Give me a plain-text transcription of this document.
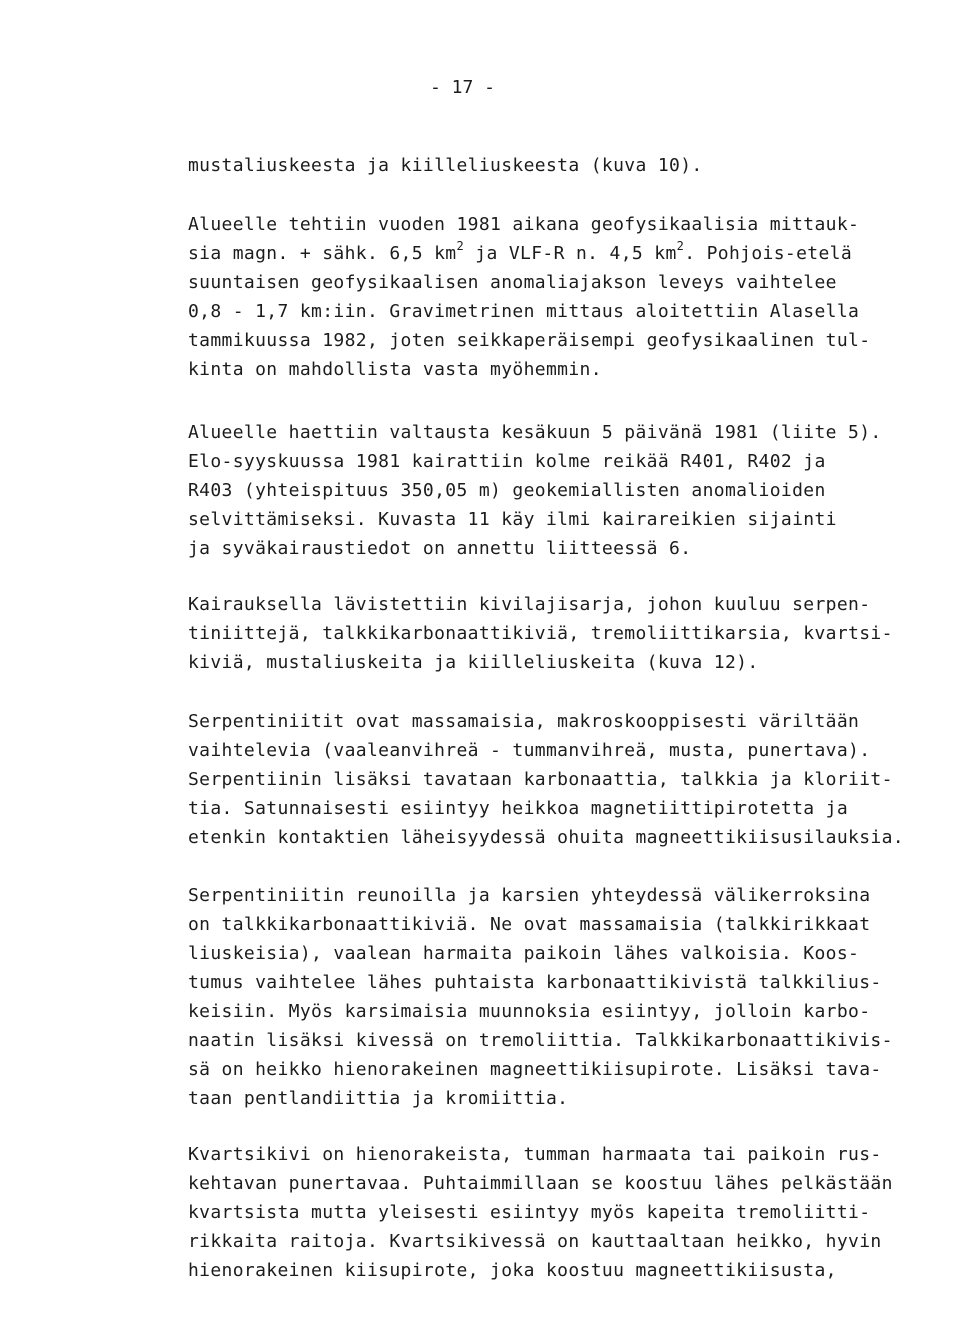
- 17 -
mustaliuskeesta ja kiilleliuskeesta (kuva 10).
Alueelle tehtiin vuoden 1981 aikana geofysikaalisia mittauk-
sia magn. + sähk. 6,5 $km^2$ ja VLF-R n. 4,5 $km^2$. Pohjois-etelä
suuntaisen geofysikaalisen anomaliajakson leveys vaihtelee
0,8 - 1,7 km:iin. Gravimetrinen mittaus aloitettiin Alasella
tammikuussa 1982, joten seikkaperäisempi geofysikaalinen tul-
kinta on mahdollista vasta myöhemmin.
Alueelle haettiin valtausta kesäkuun 5 päivänä 1981 (liite 5).
Elo-syyskuussa 1981 kairattiin kolme reikää R401, R402 ja
R403 (yhteispituus 350,05 m) geokemiallisten anomalioiden
selvittämiseksi. Kuvasta 11 käy ilmi kairareikien sijainti
ja syväkairaustiedot on annettu liitteessä 6.
Kairauksella lävistettiin kivilajisarja, johon kuuluu serpen-
tiniittejä, talkkikarbonaattikiviä, tremoliittikarsia, kvartsi-
kiviä, mustaliuskeita ja kiilleliuskeita (kuva 12).
Serpentiniitit ovat massamaisia, makroskooppisesti väriltään
vaihtelevia (vaaleanvihreä - tummanvihreä, musta, punertava).
Serpentiinin lisäksi tavataan karbonaattia, talkkia ja kloriit-
tia. Satunnaisesti esiintyy heikkoa magnetiittipirotetta ja
etenkin kontaktien läheisyydessä ohuita magneettikiisusilauksia.
Serpentiniitin reunoilla ja karsien yhteydessä välikerroksina
on talkkikarbonaattikiviä. Ne ovat massamaisia (talkkirikkaat
liuskeisia), vaalean harmaita paikoin lähes valkoisia. Koos-
tumus vaihtelee lähes puhtaista karbonaattikivistä talkkilius-
keisiin. Myös karsimaisia muunnoksia esiintyy, jolloin karbo-
naatin lisäksi kivessä on tremoliittia. Talkkikarbonaattikivis-
sä on heikko hienorakeinen magneettikiisupirote. Lisäksi tava-
taan pentlandiittia ja kromiittia.
Kvartsikivi on hienorakeista, tumman harmaata tai paikoin rus-
kehtavan punertavaa. Puhtaimmillaan se koostuu lähes pelkästään
kvartsista mutta yleisesti esiintyy myös kapeita tremoliitti-
rikkaita raitoja. Kvartsikivessä on kauttaaltaan heikko, hyvin
hienorakeinen kiisupirote, joka koostuu magneettikiisusta,
